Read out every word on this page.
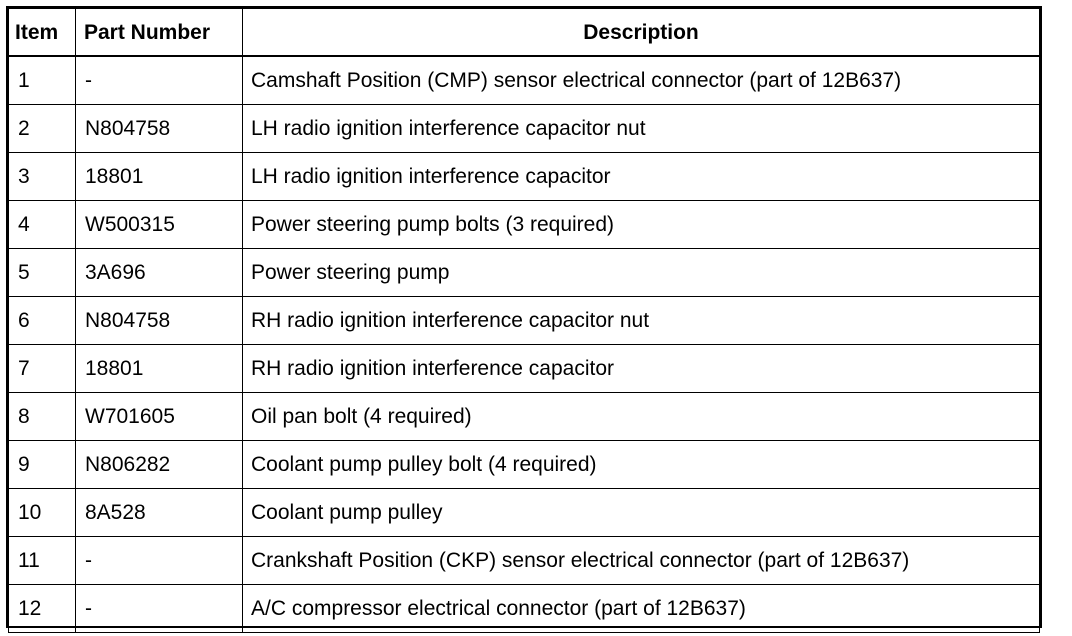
Item	Part Number	Description
1	-	Camshaft Position (CMP) sensor electrical connector (part of 12B637)
2	N804758	LH radio ignition interference capacitor nut
3	18801	LH radio ignition interference capacitor
4	W500315	Power steering pump bolts (3 required)
5	3A696	Power steering pump
6	N804758	RH radio ignition interference capacitor nut
7	18801	RH radio ignition interference capacitor
8	W701605	Oil pan bolt (4 required)
9	N806282	Coolant pump pulley bolt (4 required)
10	8A528	Coolant pump pulley
11	-	Crankshaft Position (CKP) sensor electrical connector (part of 12B637)
12	-	A/C compressor electrical connector (part of 12B637)
